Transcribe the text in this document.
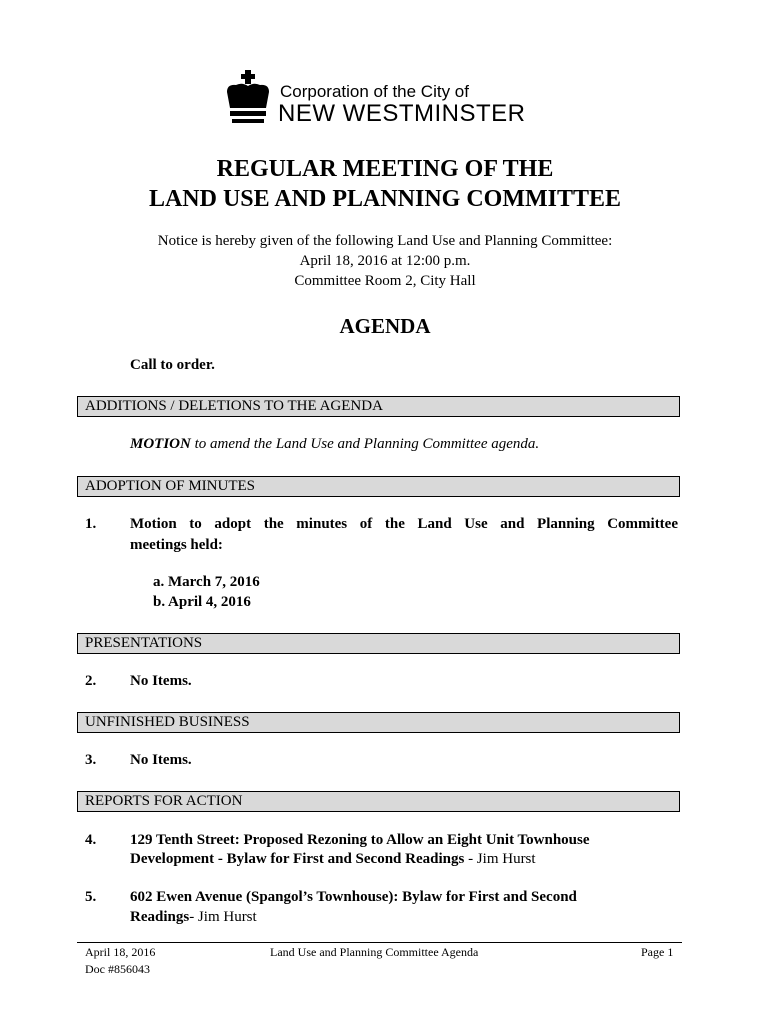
Corporation of the City of
NEW WESTMINSTER
REGULAR MEETING OF THE
LAND USE AND PLANNING COMMITTEE
Notice is hereby given of the following Land Use and Planning Committee:
April 18, 2016 at 12:00 p.m.
Committee Room 2, City Hall
AGENDA
Call to order.
ADDITIONS / DELETIONS TO THE AGENDA
MOTION to amend the Land Use and Planning Committee agenda.
ADOPTION OF MINUTES
1. Motion to adopt the minutes of the Land Use and Planning Committee
meetings held:
a. March 7, 2016
b. April 4, 2016
PRESENTATIONS
2. No Items.
UNFINISHED BUSINESS
3. No Items.
REPORTS FOR ACTION
4. 129 Tenth Street: Proposed Rezoning to Allow an Eight Unit Townhouse
Development - Bylaw for First and Second Readings - Jim Hurst
5. 602 Ewen Avenue (Spangol’s Townhouse): Bylaw for First and Second
Readings- Jim Hurst
April 18, 2016
Doc #856043
Land Use and Planning Committee Agenda	Page 1
